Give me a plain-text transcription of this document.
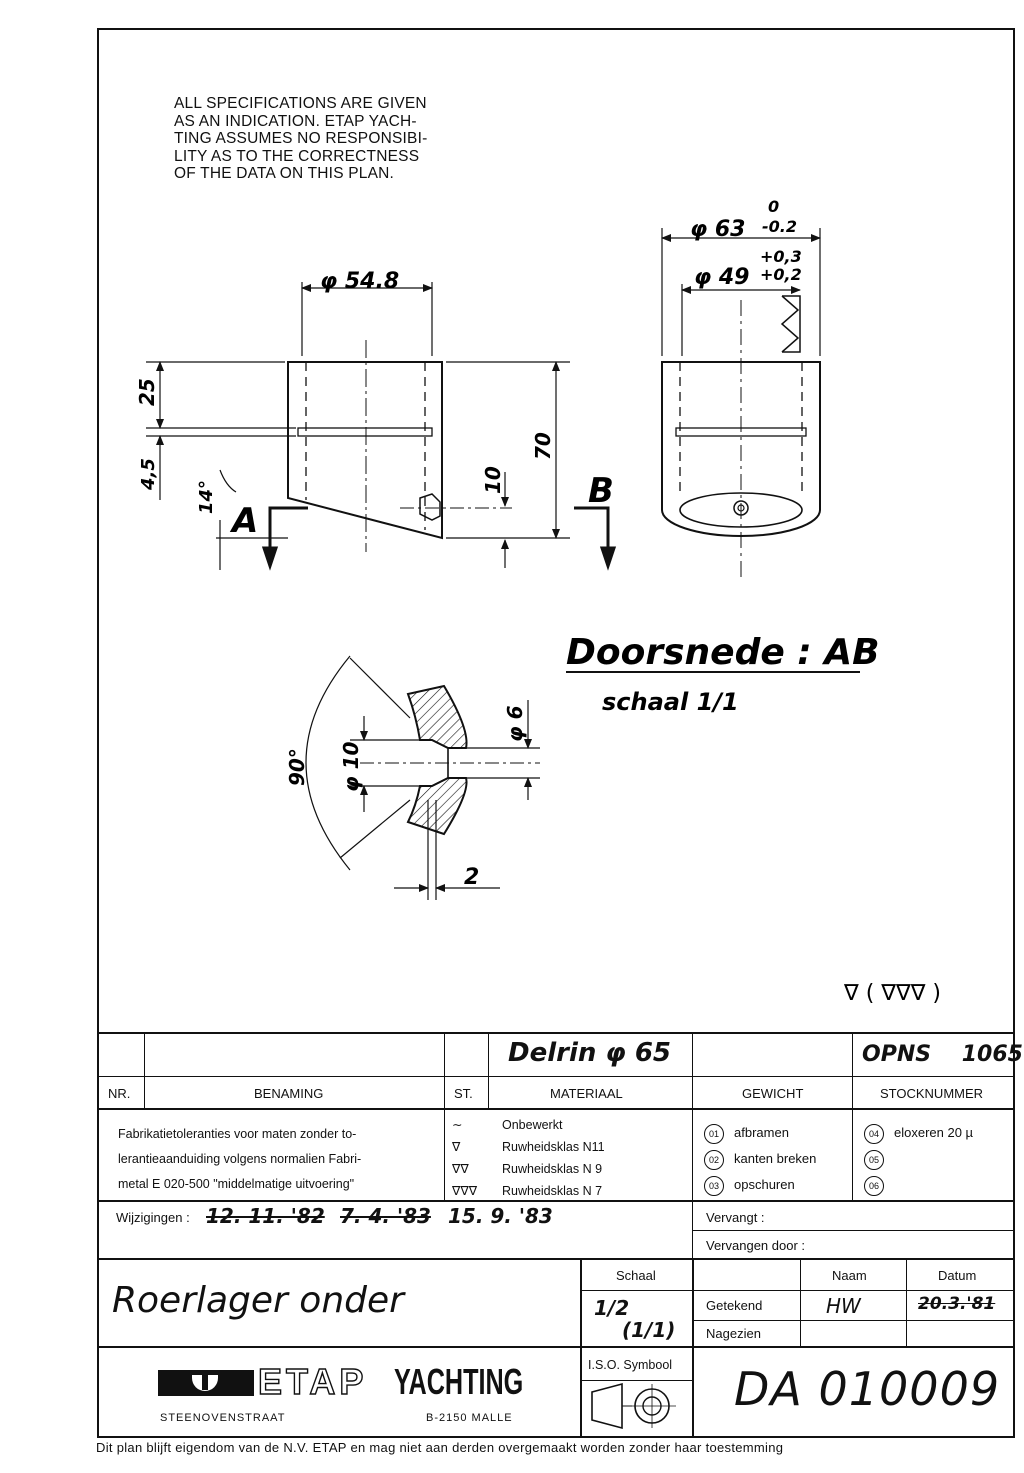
ALL SPECIFICATIONS ARE GIVEN
AS AN INDICATION. ETAP YACH-
TING ASSUMES NO RESPONSIBI-
LITY AS TO THE CORRECTNESS
OF THE DATA ON THIS PLAN.
φ 54.8
φ 63
0
-0.2
φ 49
+0,3
+0,2
25
4,5
70
10
14°
A
B
90° φ 10
φ 6
2
Doorsnede : AB
schaal 1/1
∇ ( ∇∇∇ )
Delrin φ 65	OPNS    1065
NR.	BENAMING	ST.	MATERIAAL	GEWICHT	STOCKNUMMER
Fabrikatietoleranties voor maten zonder to-
lerantieaanduiding volgens normalien Fabri-
metal E 020-500 "middelmatige uitvoering"
∼	Onbewerkt
∇	Ruwheidsklas N11
∇∇	Ruwheidsklas N 9
∇∇∇ Ruwheidsklas N 7
01 afbramen
02 kanten breken
03 opschuren
04 eloxeren 20 µ
05
06
Wijzigingen : 12. 11. '82 7. 4. '83 15. 9. '83	Vervangt :
Vervangen door :
Roerlager onder
Schaal
1/2
(1/1)
Naam	Datum
Getekend	HW	20.3.'81
Nagezien
ETAP YACHTING
STEENOVENSTRAAT	B-2150 MALLE
I.S.O. Symbool DA 010009
Dit plan blijft eigendom van de N.V. ETAP en mag niet aan derden overgemaakt worden zonder haar toestemming
